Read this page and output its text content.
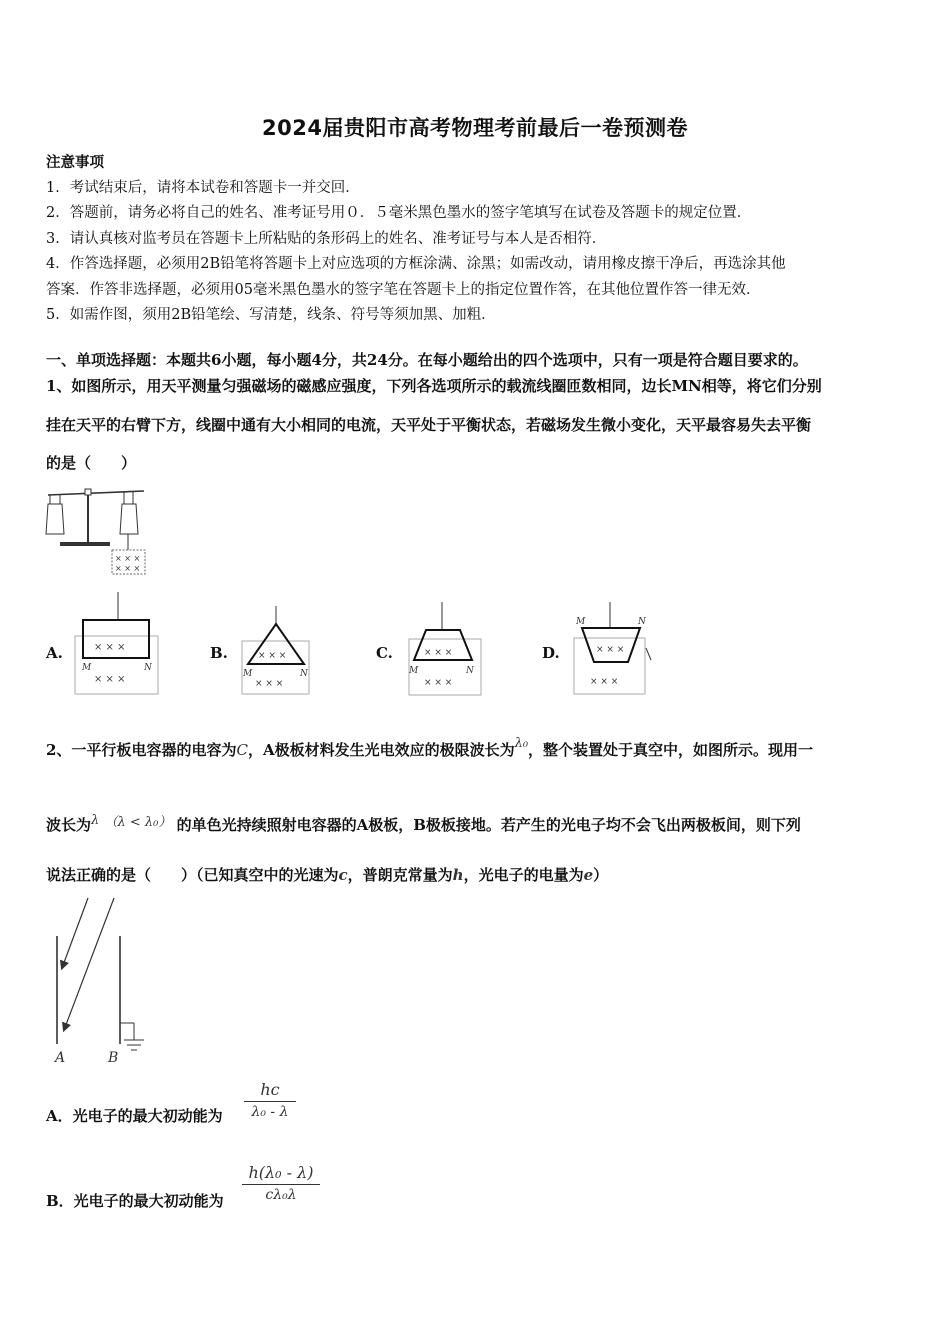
2024届贵阳市高考物理考前最后一卷预测卷
注意事项
1．考试结束后，请将本试卷和答题卡一并交回．
2．答题前，请务必将自己的姓名、准考证号用０．５毫米黑色墨水的签字笔填写在试卷及答题卡的规定位置．
3．请认真核对监考员在答题卡上所粘贴的条形码上的姓名、准考证号与本人是否相符．
4．作答选择题，必须用2B铅笔将答题卡上对应选项的方框涂满、涂黑；如需改动，请用橡皮擦干净后，再选涂其他
答案．作答非选择题，必须用05毫米黑色墨水的签字笔在答题卡上的指定位置作答，在其他位置作答一律无效．
5．如需作图，须用2B铅笔绘、写清楚，线条、符号等须加黑、加粗．
一、单项选择题：本题共6小题，每小题4分，共24分。在每小题给出的四个选项中，只有一项是符合题目要求的。
1、如图所示，用天平测量匀强磁场的磁感应强度，下列各选项所示的载流线圈匝数相同，边长MN相等，将它们分别
挂在天平的右臂下方，线圈中通有大小相同的电流，天平处于平衡状态，若磁场发生微小变化，天平最容易失去平衡
的是（　　）
× × ×
× × ×
A.	× × ×
× × ×
M	N
B.	× × ×
× × ×
M	N
C.	× × ×
× × ×
M	N
D.	× × ×
× × ×
M	N
2、一平行板电容器的电容为C，A极板材料发生光电效应的极限波长为λ₀，整个装置处于真空中，如图所示。现用一
波长为λ （λ < λ₀） 的单色光持续照射电容器的A极板，B极板接地。若产生的光电子均不会飞出两极板间，则下列
说法正确的是（　　）（已知真空中的光速为c，普朗克常量为h，光电子的电量为e）
A	B
A．光电子的最大初动能为
hc
λ₀ - λ
B．光电子的最大初动能为
h(λ₀ - λ)
cλ₀λ
